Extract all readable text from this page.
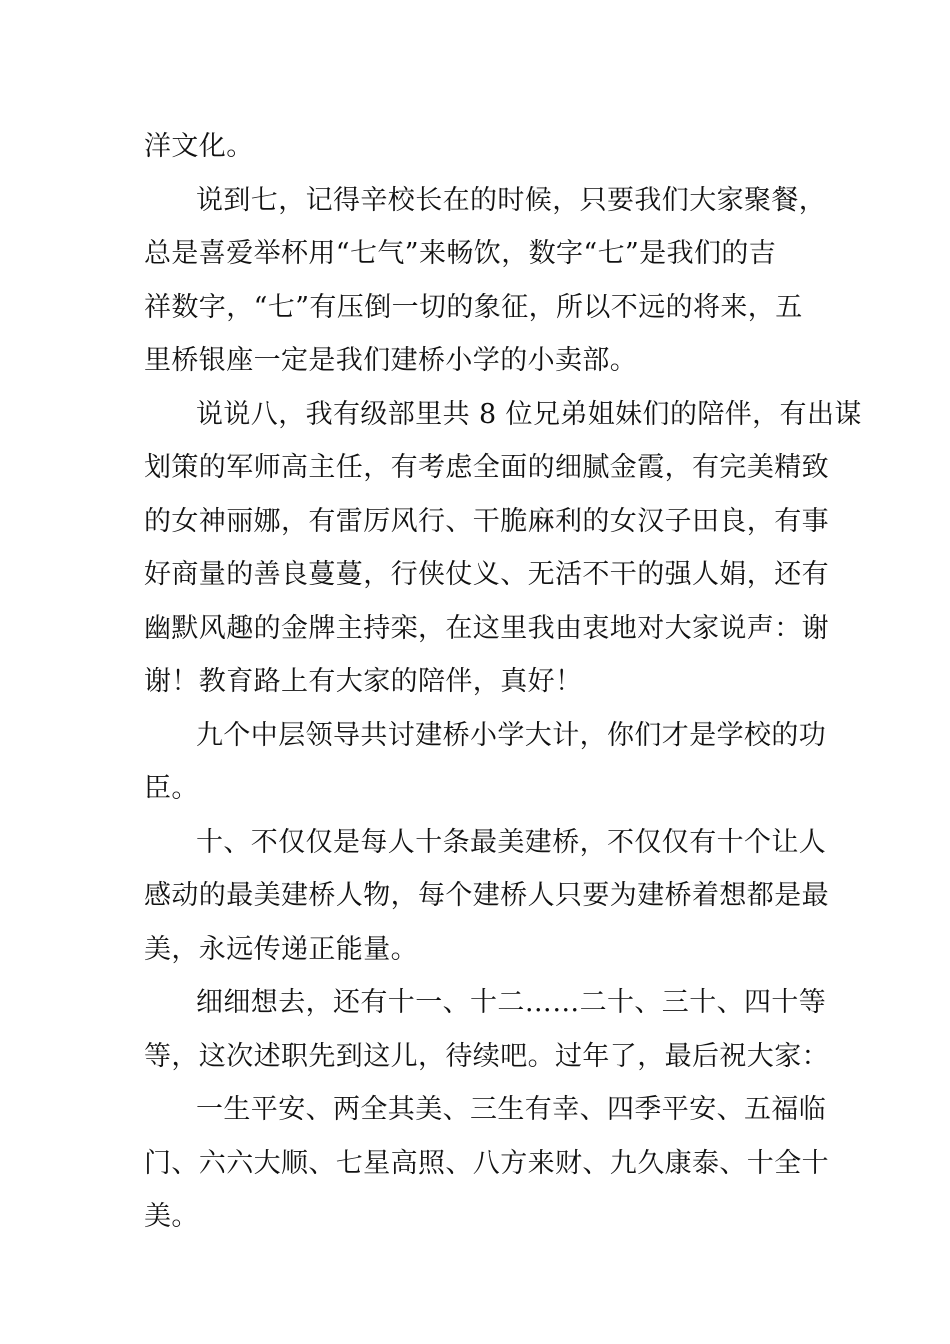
洋文化。
说到七，记得辛校长在的时候，只要我们大家聚餐，
总是喜爱举杯用“七气”来畅饮，数字“七”是我们的吉
祥数字，“七”有压倒一切的象征，所以不远的将来，五
里桥银座一定是我们建桥小学的小卖部。
说说八，我有级部里共 8 位兄弟姐妹们的陪伴，有出谋
划策的军师高主任，有考虑全面的细腻金霞，有完美精致
的女神丽娜，有雷厉风行、干脆麻利的女汉子田良，有事
好商量的善良蔓蔓，行侠仗义、无活不干的强人娟，还有
幽默风趣的金牌主持栾，在这里我由衷地对大家说声：谢
谢！教育路上有大家的陪伴，真好！
九个中层领导共讨建桥小学大计，你们才是学校的功
臣。
十、不仅仅是每人十条最美建桥，不仅仅有十个让人
感动的最美建桥人物，每个建桥人只要为建桥着想都是最
美，永远传递正能量。
细细想去，还有十一、十二……二十、三十、四十等
等，这次述职先到这儿，待续吧。过年了，最后祝大家：
一生平安、两全其美、三生有幸、四季平安、五福临
门、六六大顺、七星高照、八方来财、九久康泰、十全十
美。
